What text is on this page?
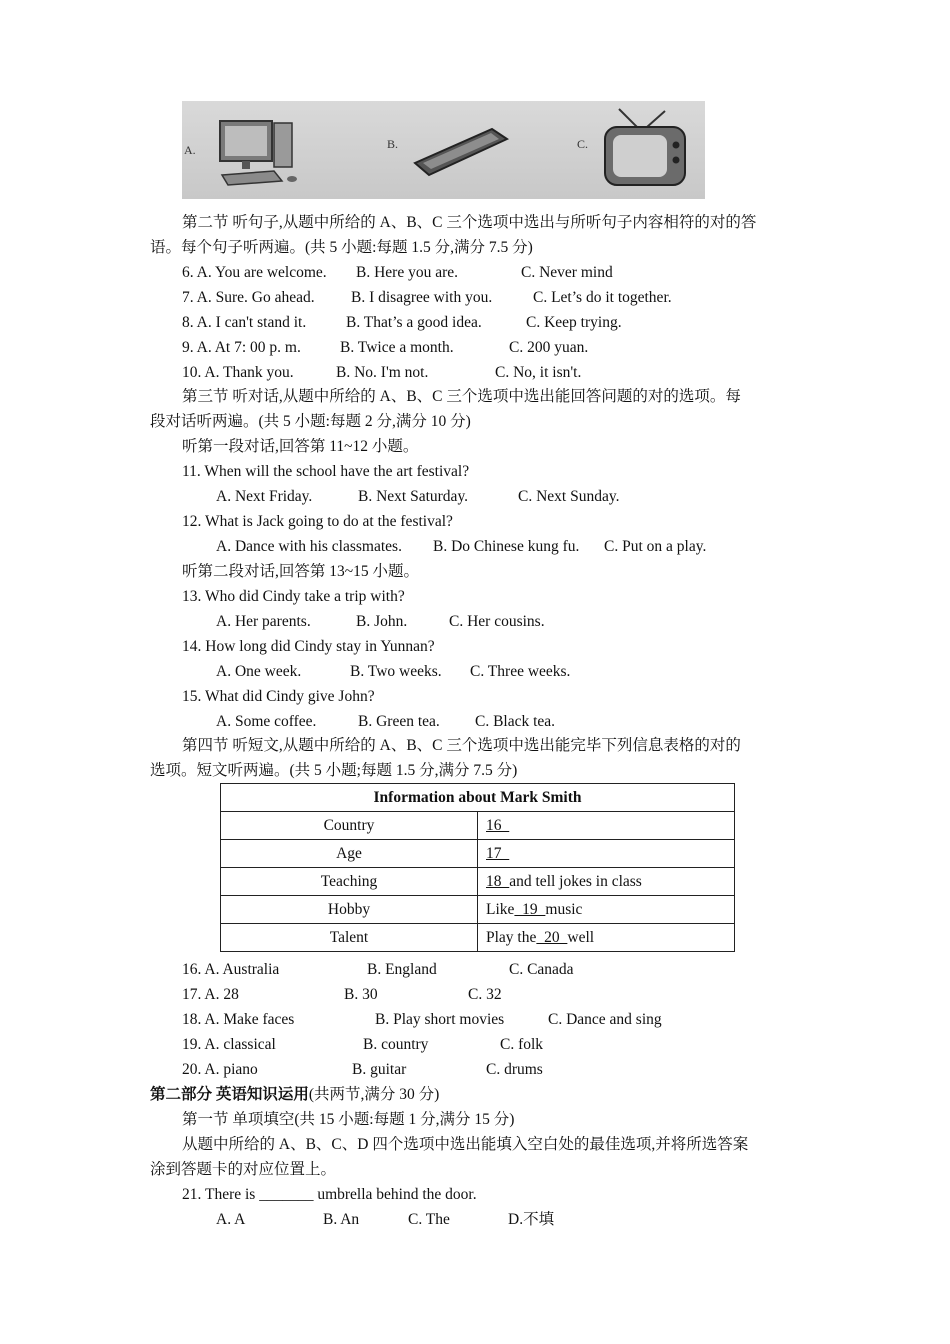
A.	B.	C.
第二节 听句子,从题中所给的 A、B、C 三个选项中选出与所听句子内容相符的对的答
语。每个句子听两遍。(共 5 小题:每题 1.5 分,满分 7.5 分)
6. A. You are welcome. B. Here you are.	C. Never mind
7. A. Sure. Go ahead. B. I disagree with you.	C. Let’s do it together.
8. A. I can't stand it.	B. That’s a good idea.	C. Keep trying.
9. A. At 7: 00 p. m.	B. Twice a month.	C. 200 yuan.
10. A. Thank you.	B. No. I'm not.	C. No, it isn't.
第三节 听对话,从题中所给的 A、B、C 三个选项中选出能回答问题的对的选项。每
段对话听两遍。(共 5 小题:每题 2 分,满分 10 分)
听第一段对话,回答第 11~12 小题。
11. When will the school have the art festival?
A. Next Friday.	B. Next Saturday.	C. Next Sunday.
12. What is Jack going to do at the festival?
A. Dance with his classmates. B. Do Chinese kung fu. C. Put on a play.
听第二段对话,回答第 13~15 小题。
13. Who did Cindy take a trip with?
A. Her parents.	B. John.	C. Her cousins.
14. How long did Cindy stay in Yunnan?
A. One week.	B. Two weeks. C. Three weeks.
15. What did Cindy give John?
A. Some coffee.	B. Green tea. C. Black tea.
第四节 听短文,从题中所给的 A、B、C 三个选项中选出能完毕下列信息表格的对的
选项。短文听两遍。(共 5 小题;每题 1.5 分,满分 7.5 分)
Information about Mark Smith	
Country	16
Age	17
Teaching	18  and tell jokes in class
Hobby	Like  19  music
Talent	Play the  20  well
16. A. Australia	B. England	C. Canada
17. A. 28	B. 30	C. 32
18. A. Make faces	B. Play short movies	C. Dance and sing
19. A. classical	B. country	C. folk
20. A. piano	B. guitar	C. drums
第二部分 英语知识运用(共两节,满分 30 分)
第一节 单项填空(共 15 小题:每题 1 分,满分 15 分)
从题中所给的 A、B、C、D 四个选项中选出能填入空白处的最佳选项,并将所选答案
涂到答题卡的对应位置上。
21. There is _______ umbrella behind the door.
A. A	B. An	C. The	D.不填
